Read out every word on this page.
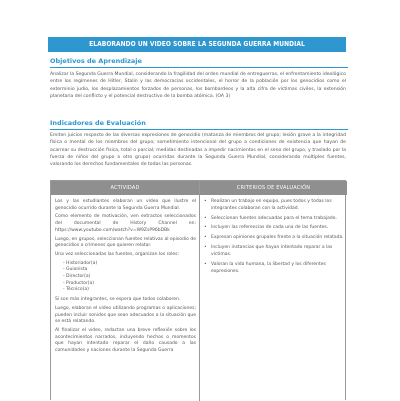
ELABORANDO UN VIDEO SOBRE LA SEGUNDA GUERRA MUNDIAL
Objetivos de Aprendizaje
Analizar la Segunda Guerra Mundial, considerando la fragilidad del orden mundial de entreguerras, el enfrentamiento ideológico entre los regímenes de Hitler, Stalin y las democracias occidentales, el horror de la población por los genocidios como el exterminio judío, los desplazamientos forzados de personas, los bombardeos y la alta cifra de víctimas civiles, la extensión planetaria del conflicto y el potencial destructivo de la bomba atómica. (OA 3)
Indicadores de Evaluación
Emiten juicios respecto de las diversas expresiones de genocidio (matanza de miembros del grupo; lesión grave a la integridad física o mental de los miembros del grupo; sometimiento intencional del grupo a condiciones de existencia que hayan de acarrear su destrucción física, total o parcial; medidas destinadas a impedir nacimientos en el seno del grupo, y traslado por la fuerza de niños del grupo a otro grupo) ocurridas durante la Segunda Guerra Mundial, considerando múltiples fuentes, valorando los derechos fundamentales de todas las personas.
ACTIVIDAD	CRITERIOS DE EVALUACIÓN

Los y las estudiantes elaboran un video que ilustre el genocidio ocurrido durante la Segunda Guerra Mundial.

Como elemento de motivación, ven extractos seleccionados del documental de History Channel en: https://www.youtube.com/watch?v=W9ZsP96bDBk

Luego, en grupos, seleccionan fuentes relativas al episodio de genocidios o crímenes que quieren relatar.

Una vez seleccionadas las fuentes, organizan los roles:

- Historiador(a)

- Guionista

- Director(a)

- Productor(a)

- Técnico(a)

Si son más integrantes, se espera que todos colaboren.

Luego, elaboran el video utilizando programas o aplicaciones; pueden incluir sonidos que sean adecuados a la situación que se está relatando.

Al finalizar el video, redactan una breve reflexión sobre los acontecimientos narrados, incluyendo hechos o momentos que hayan intentado reparar el daño causado a las comunidades y naciones durante la Segunda Guerra

• Realizan un trabajo en equipo, pues todos y todas los integrantes colaboran con la actividad.
• Seleccionan fuentes adecuadas para el tema trabajado.
• Incluyen las referencias de cada una de las fuentes.
• Expresan opiniones grupales frente a la situación relatada.
• Incluyen instancias que hayan intentado reparar a las víctimas.
• Valoran la vida humana, la libertad y los diferentes expresiones.
